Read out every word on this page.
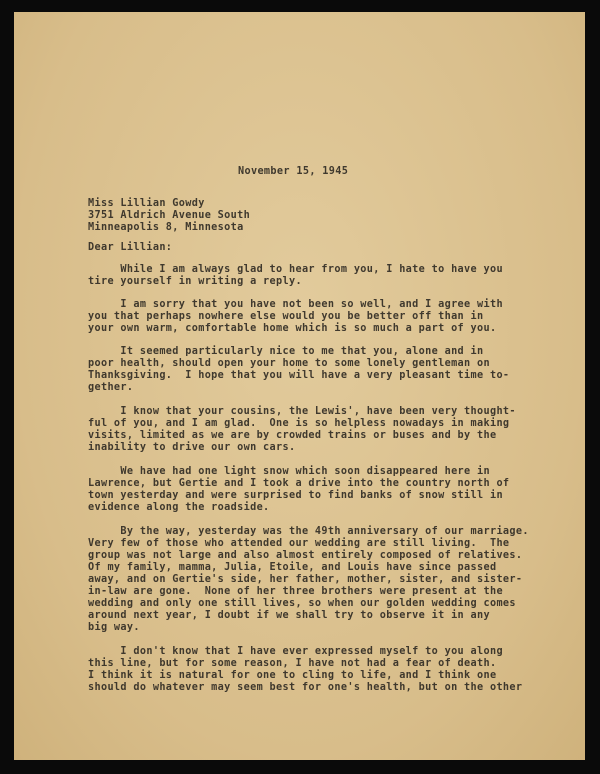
November 15, 1945
Miss Lillian Gowdy
3751 Aldrich Avenue South
Minneapolis 8, Minnesota
Dear Lillian:
While I am always glad to hear from you, I hate to have you
tire yourself in writing a reply.
I am sorry that you have not been so well, and I agree with
you that perhaps nowhere else would you be better off than in
your own warm, comfortable home which is so much a part of you.
It seemed particularly nice to me that you, alone and in
poor health, should open your home to some lonely gentleman on
Thanksgiving.  I hope that you will have a very pleasant time to-
gether.
I know that your cousins, the Lewis', have been very thought-
ful of you, and I am glad.  One is so helpless nowadays in making
visits, limited as we are by crowded trains or buses and by the
inability to drive our own cars.
We have had one light snow which soon disappeared here in
Lawrence, but Gertie and I took a drive into the country north of
town yesterday and were surprised to find banks of snow still in
evidence along the roadside.
By the way, yesterday was the 49th anniversary of our marriage.
Very few of those who attended our wedding are still living.  The
group was not large and also almost entirely composed of relatives.
Of my family, mamma, Julia, Etoile, and Louis have since passed
away, and on Gertie's side, her father, mother, sister, and sister-
in-law are gone.  None of her three brothers were present at the
wedding and only one still lives, so when our golden wedding comes
around next year, I doubt if we shall try to observe it in any
big way.
I don't know that I have ever expressed myself to you along
this line, but for some reason, I have not had a fear of death.
I think it is natural for one to cling to life, and I think one
should do whatever may seem best for one's health, but on the other
